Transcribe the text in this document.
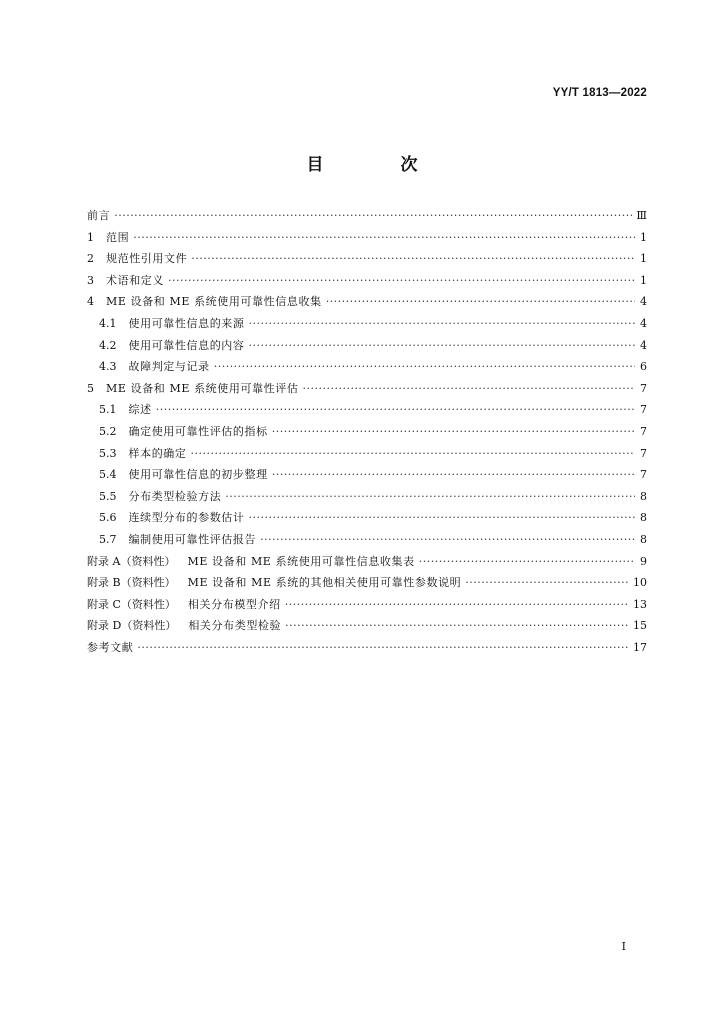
YY/T 1813—2022
目　次
前言 ·····	Ⅲ
1 范围 ·····	1
2 规范性引用文件 ·····	1
3 术语和定义 ·····	1
4 ME 设备和 ME 系统使用可靠性信息收集 ·····	4
4.1 使用可靠性信息的来源 ·····	4
4.2 使用可靠性信息的内容 ·····	4
4.3 故障判定与记录 ·····	6
5 ME 设备和 ME 系统使用可靠性评估 ·····	7
5.1 综述 ·····	7
5.2 确定使用可靠性评估的指标 ·····	7
5.3 样本的确定 ·····	7
5.4 使用可靠性信息的初步整理 ·····	7
5.5 分布类型检验方法 ·····	8
5.6 连续型分布的参数估计 ·····	8
5.7 编制使用可靠性评估报告 ·····	8
附录 A（资料性） ME 设备和 ME 系统使用可靠性信息收集表 ·····	9
附录 B（资料性） ME 设备和 ME 系统的其他相关使用可靠性参数说明 ·····	10
附录 C（资料性） 相关分布模型介绍 ·····	13
附录 D（资料性） 相关分布类型检验 ·····	15
参考文献 ·····	17
I
